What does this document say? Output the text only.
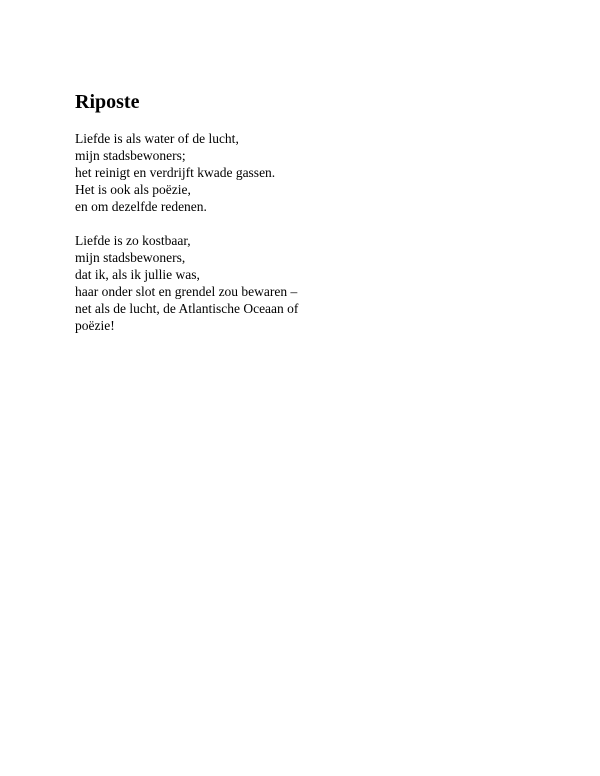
Riposte
Liefde is als water of de lucht,
mijn stadsbewoners;
het reinigt en verdrijft kwade gassen.
Het is ook als poëzie,
en om dezelfde redenen.
Liefde is zo kostbaar,
mijn stadsbewoners,
dat ik, als ik jullie was,
haar onder slot en grendel zou bewaren –
net als de lucht, de Atlantische Oceaan of
poëzie!
